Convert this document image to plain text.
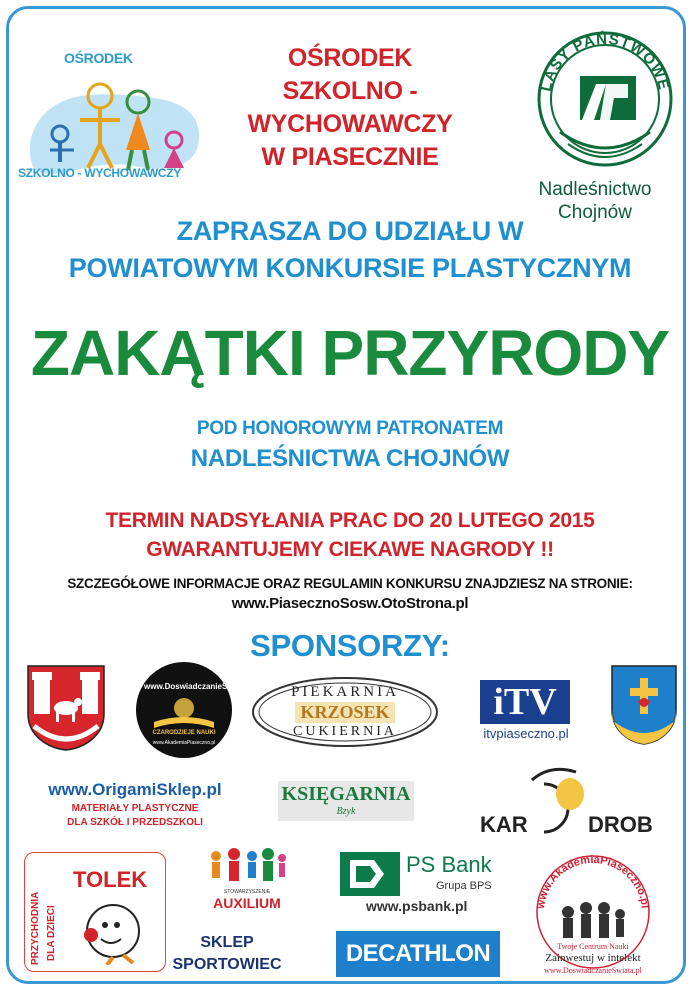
OŚRODEK
SZKOLNO - WYCHOWAWCZY
OŚRODEK
SZKOLNO - WYCHOWAWCZY
W PIASECZNIE
LASY PAŃSTWOWE
Nadleśnictwo
Chojnów
ZAPRASZA DO UDZIAŁU W
POWIATOWYM KONKURSIE PLASTYCZNYM
ZAKĄTKI PRZYRODY
POD HONOROWYM PATRONATEM
NADLEŚNICTWA CHOJNÓW
TERMIN NADSYŁANIA PRAC DO 20 LUTEGO 2015
GWARANTUJEMY CIEKAWE NAGRODY !!
SZCZEGÓŁOWE INFORMACJE ORAZ REGULAMIN KONKURSU ZNAJDZIESZ NA STRONIE:
www.PiasecznoSosw.OtoStrona.pl
SPONSORZY:
www.DoswiadczanieSwiata.pl
CZARODZIEJE NAUKI
www.AkademiaPiaseczno.pl
PIEKARNIA
KRZOSEK
CUKIERNIA
iTV
itvpiaseczno.pl
www.OrigamiSklep.pl
MATERIAŁY PLASTYCZNE
DLA SZKÓŁ I PRZEDSZKOLI
KSIĘGARNIA
Bzyk
KAR	DROB
PRZYCHODNIA DLA DZIECI
TOLEK	STOWARZYSZENIE
AUXILIUM
PS Bank
Grupa BPS
www.psbank.pl
SKLEP
SPORTOWIEC	DECATHLON
www.AkademiaPiaseczno.pl
Twoje Centrum Nauki
Zainwestuj w intelekt
www.DoswiadczanieSwiata.pl
